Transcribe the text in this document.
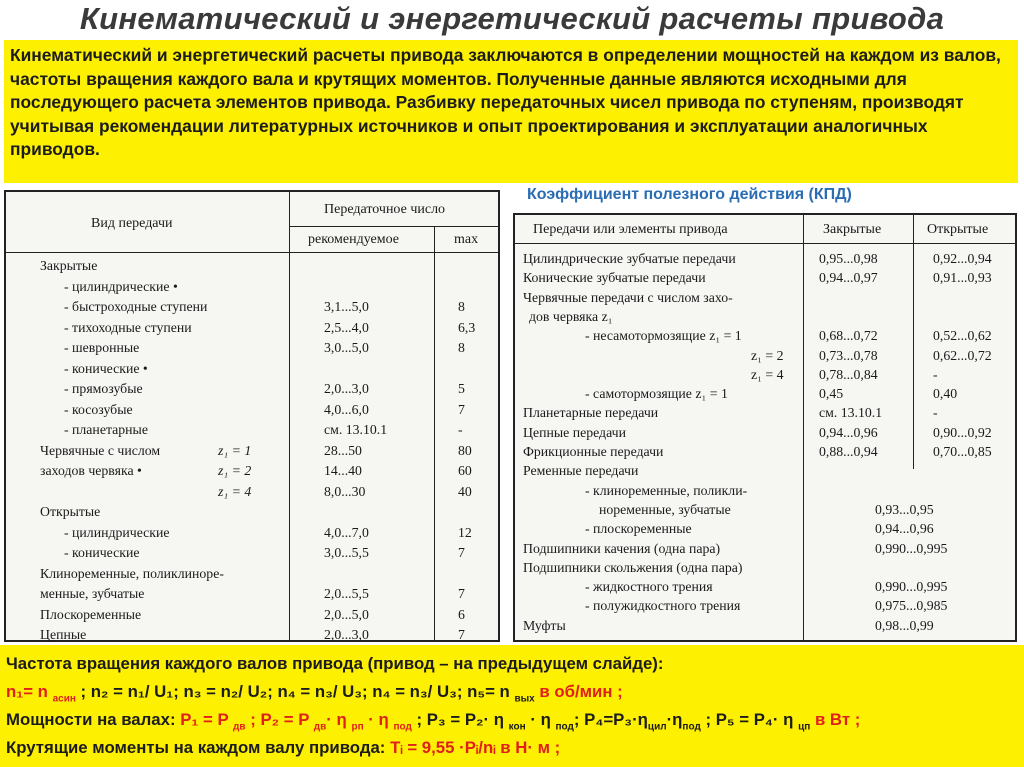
Кинематический и энергетический расчеты привода
Кинематический и энергетический расчеты привода заключаются в определении мощностей на каждом из валов, частоты вращения каждого вала и крутящих моментов. Полученные данные являются исходными для последующего расчета элементов привода. Разбивку передаточных чисел привода по ступеням, производят учитывая рекомендации литературных источников и опыт проектирования и эксплуатации аналогичных приводов.
Коэффициент полезного действия (КПД)
Вид передачи
Передаточное число
рекомендуемое	max
Закрытые
- цилиндрические •
- быстроходные ступени	3,1...5,0	8
- тихоходные ступени	2,5...4,0	6,3
- шевронные	3,0...5,0	8
- конические •
- прямозубые	2,0...3,0	5
- косозубые	4,0...6,0	7
- планетарные	см. 13.10.1	-
Червячные с числом	z₁ = 1	28...50	80
заходов червяка •	z₁ = 2	14...40	60
z₁ = 4	8,0...30	40
Открытые
- цилиндрические	4,0...7,0	12
- конические	3,0...5,5	7
Клиноременные, поликлиноре-
менные, зубчатые	2,0...5,5	7
Плоскоременные	2,0...5,0	6
Цепные	2,0...3,0	7
Передачи или элементы привода	Закрытые	Открытые
Цилиндрические зубчатые передачи	0,95...0,98	0,92...0,94
Конические зубчатые передачи	0,94...0,97	0,91...0,93
Червячные передачи с числом захо-
дов червяка z₁
- несамотормозящие z₁ = 1	0,68...0,72	0,52...0,62
z₁ = 2	0,73...0,78	0,62...0,72
z₁ = 4	0,78...0,84	-
- самотормозящие z₁ = 1	0,45	0,40
Планетарные передачи	см. 13.10.1	-
Цепные передачи	0,94...0,96	0,90...0,92
Фрикционные передачи	0,88...0,94	0,70...0,85
Ременные передачи
- клиноременные, поликли-
ноременные, зубчатые	0,93...0,95
- плоскоременные	0,94...0,96
Подшипники качения (одна пара)	0,990...0,995
Подшипники скольжения (одна пара)
- жидкостного трения	0,990...0,995
- полужидкостного трения	0,975...0,985
Муфты	0,98...0,99
Частота вращения каждого валов привода (привод – на предыдущем слайде):
n₁= n $_{асин}$ ; n₂ = n₁/ U₁; n₃ = n₂/ U₂; n₄ = n₃/ U₃; n₄ = n₃/ U₃; n₅= n $_{вых}$ в об/мин ;
Мощности на валах: P₁ = P $_{дв}$ ; P₂ = P $_{дв}$· η $_{рп}$ · η $_{под}$ ; P₃ = P₂· η $_{кон}$ · η $_{под}$; $P_4=P_3\cdot\eta_{цил}\cdot\eta_{под}$ ; P₅ = P₄· η $_{цп}$ в Вт ;
Крутящие моменты на каждом валу привода: Tᵢ = 9,55 ·Pᵢ/nᵢ в Н· м ;
